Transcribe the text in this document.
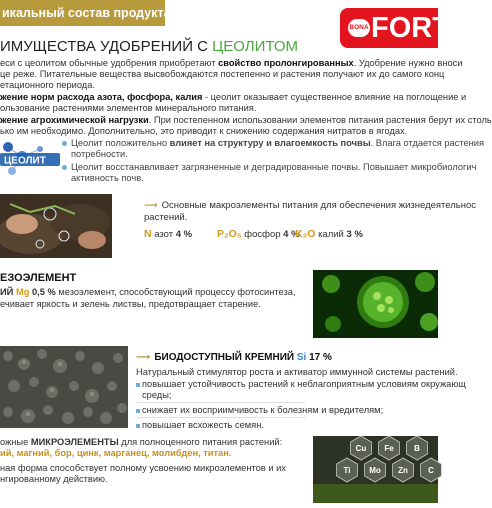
икальный состав продукта
BONA FORT
ИМУЩЕСТВА УДОБРЕНИЙ С ЦЕОЛИТОМ
еси с цеолитом обычные удобрения приобретают свойство пролонгированных. Удобрение нужно вноси
це реже. Питательные вещества высвобождаются постепенно и растения получают их до самого конц
етационного периода.
жение норм расхода азота, фосфора, калия - цеолит оказывает существенное влияние на поглощение и
ользование растениями элементов минерального питания.
жение агрохимической нагрузки. При постепенном использовании элементов питания растения берут их столь
ько им необходимо. Дополнительно, это приводит к снижению содержания нитратов в ягодах.
ЦЕОЛИТ
Цеолит положительно влияет на структуру и влагоемкость почвы. Влага отдается растения
потребности.
Цеолит восстанавливает загрязненные и деградированные почвы. Повышает микробиологич
активность почв.
⟶ Основные макроэлементы питания для обеспечения жизнедеятельнос
растений.
N азот 4 % P₂O₅ фосфор 4 %
K₂O калий 3 %
ЕЗОЭЛЕМЕНТ
ИЙ Mg 0,5 % мезоэлемент, способствующий процессу фотосинтеза,
ечивает яркость и зелень листвы, предотвращает старение.
⟶ БИОДОСТУПНЫЙ КРЕМНИЙ Si 17 %
Натуральный стимулятор роста и активатор иммунной системы растений.
повышает устойчивость растений к неблагоприятным условиям окружающ
среды;
снижает их восприимчивость к болезням и вредителям;
повышает всхожесть семян.
ожные МИКРОЭЛЕМЕНТЫ для полноценного питания растений:
ий, магний, бор, цинк, марганец, молибден, титан.
ная форма способствует полному усвоению микроэлементов и их
нгированному действию.
Cu Fe	B
Ti Mo Zn	C
